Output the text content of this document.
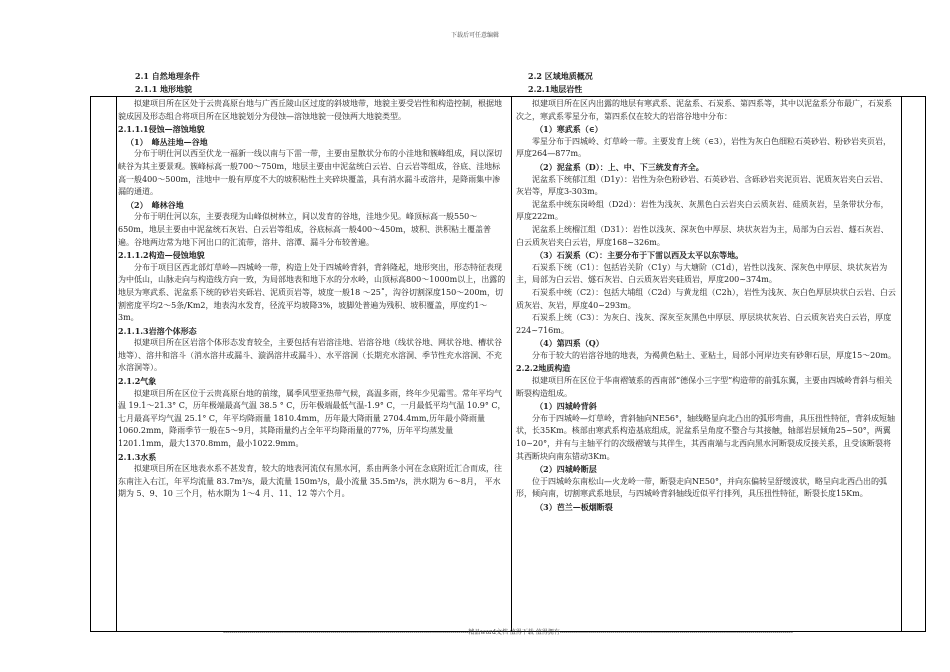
下载后可任意编辑
2.1 自然地理条件
2.1.1 地形地貌
2.2 区域地质概况
2.2.1地层岩性

拟建项目所在区处于云贵高原台地与广西丘陵山区过度的斜坡地带，地貌主要受岩性和构造控制，根据地貌成因及形态组合将项目所在区地貌划分为侵蚀—溶蚀地貌一侵蚀两大地貌类型。

2.1.1.1侵蚀—溶蚀地貌

（1）　峰丛洼地—谷地

分布于明仕河以西至伏龙一福新一线以南与下雷一带，主要由星散状分布的小洼地和簇峰组成，间以深切峡谷为其主要景观。簇峰标高一般700～750m，地层主要由中泥盆统白云岩、白云岩等组成，谷底、洼地标高一般400～500m，洼地中一般有厚度不大的坡积粘性土夹碎块覆盖，具有消水漏斗或溶井，是降雨集中渗漏的通道。

（2）　峰林谷地

分布于明仕河以东，主要表现为山峰似树林立，间以发育的谷地，洼地少见。峰顶标高一般550～650m，地层主要由中泥盆统石灰岩、白云岩等组成，谷底标高一般400～450m，坡积、洪积粘土覆盖普遍。谷地两边常为地下河出口的汇流带，溶井、溶潭、漏斗分布较普遍。

2.1.1.2构造—侵蚀地貌

分布于项目区西北部灯草岭—四城岭一带，构造上处于四城岭背斜，背斜隆起，地形突出，形态特征表现为中低山，山脉走向与构造线方向一致，为局部地表和地下水的分水岭，山顶标高800～1000m以上，出露的地层为寒武系、泥盆系下统的砂岩夹砾岩、泥质页岩等，坡度一般18 ～25˚，沟谷切割深度150～200m，切割密度平均2～5条/Km2，地表沟水发育，径流平均坡降3%，坡脚处普遍为残积、坡积覆盖，厚度约1～3m。

2.1.1.3岩溶个体形态

拟建项目所在区岩溶个体形态发育较全，主要包括有岩溶洼地、岩溶谷地（线状谷地、网状谷地、槽状谷地等）、溶井和溶斗（消水溶井或漏斗、漩涡溶井或漏斗）、水平溶洞（长期充水溶洞、季节性充水溶洞、不充水溶洞等）。

2.1.2气象

拟建项目所在区位于云贵高原台地的前缘，属季风型亚热带气候，高温多雨，终年少见霜雪。常年平均气温 19.1～21.3° C，历年极端最高气温 38.5 ° C，历年极端最低气温-1.9° C，一月最低平均气温 10.9° C，七月最高平均气温 25.1° C，年平均降雨量 1810.4mm，历年最大降雨量 2704.4mm,历年最小降雨量 1060.2mm，降雨季节一般在5～9月，其降雨量约占全年平均降雨量的77%，历年平均蒸发量 1201.1mm，最大1370.8mm，最小1022.9mm。

2.1.3水系

拟建项目所在区地表水系不甚发育，较大的地表河流仅有黑水河，系由两条小河在念底附近汇合而成，往东南注入右江，年平均流量 83.7m³/s，最大流量 150m³/s，最小流量 35.5m³/s，洪水期为 6～8月， 平水期为 5、9、10 三个月，枯水期为 1～4 月、11、12 等六个月。

拟建项目所在区内出露的地层有寒武系、泥盆系、石炭系、第四系等，其中以泥盆系分布最广，石炭系次之，寒武系零星分布，第四系仅在较大的岩溶谷地中分布：

（1）寒武系（∈）

零星分布于四城岭、灯草岭一带。主要发育上统（∈3），岩性为灰白色细粒石英砂岩、粉砂岩夹页岩，厚度264—877m。

（2）泥盆系（D）：上、中、下三统发育齐全。

泥盆系下统郁江组（D1y）：岩性为杂色粉砂岩、石英砂岩、含砾砂岩夹泥页岩、泥质灰岩夹白云岩、灰岩等，厚度3-303m。

泥盆系中统东岗岭组（D2d）：岩性为浅灰、灰黑色白云岩夹白云质灰岩、硅质灰岩，呈条带状分布，厚度222m。

泥盆系上统榴江组（D31）：岩性以浅灰、深灰色中厚层、块状灰岩为主，局部为白云岩、燧石灰岩、白云质灰岩夹白云岩，厚度168~326m。

（3）石炭系（C）：主要分布于下雷以西及太平以东等地。

石炭系下统（C1）：包括岩关阶（C1y）与大塘阶（C1d），岩性以浅灰、深灰色中厚层、块状灰岩为主，局部为白云岩、燧石灰岩、白云质灰岩夹硅质岩，厚度200~374m。

石炭系中统（C2）：包括大埔组（C2d）与黄龙组（C2h），岩性为浅灰、灰白色厚层块状白云岩、白云质灰岩、灰岩，厚度40~293m。

石炭系上统（C3）：为灰白、浅灰、深灰至灰黑色中厚层、厚层块状灰岩、白云质灰岩夹白云岩，厚度224~716m。

（4）第四系（Q）

分布于较大的岩溶谷地的地表，为褐黄色粘土、亚粘土，局部小河岸边夹有砂卵石层，厚度15～20m。

2.2.2地质构造

拟建项目所在区位于华南褶皱系的西南部“德保小三字型”构造带的前弧东翼，主要由四城岭背斜与相关断裂构造组成。

（1）四城岭背斜

分布于四城岭—灯草岭，背斜轴向NE56°，轴线略显向北凸出的弧形弯曲，具压扭性特征，背斜成短轴状，长35Km。核部由寒武系构造基底组成，泥盆系呈角度不整合与其接触，轴部岩层倾角25~50°，两翼10~20°，并有与主轴平行的次级褶皱与其伴生，其西南端与北西向黑水河断裂成反接关系，且受该断裂将其西断块向南东错动3Km。

（2）四城岭断层

位于四城岭东南松山—火龙岭一带，断裂走向NE50°，并向东偏转呈舒缓波状，略呈向北西凸出的弧形，倾向南，切割寒武系地层，与四城岭背斜轴线近似平行排列，具压扭性特征，断裂长度15Km。

（3）芭兰—板烟断裂

-------------------------------------------------------------------------------------------------------------------------精品word文档 值得下载 值得拥有-------------------------------------------------------------------------------------------------------------------
